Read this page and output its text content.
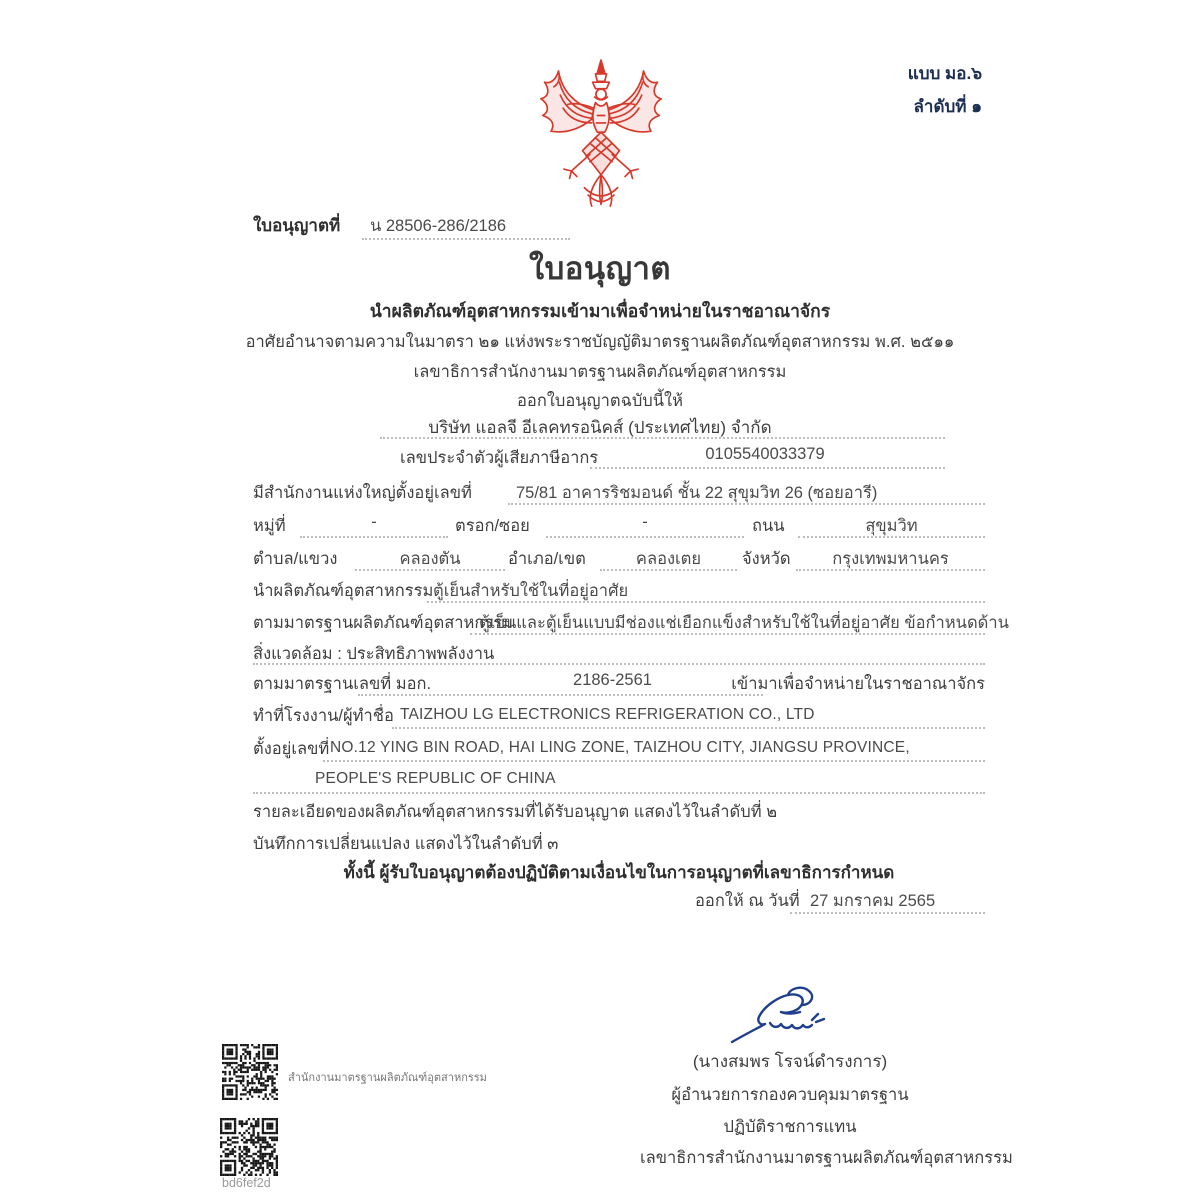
แบบ มอ.๖
ลำดับที่ ๑
ใบอนุญาตที่ น 28506-286/2186
ใบอนุญาต
นำผลิตภัณฑ์อุตสาหกรรมเข้ามาเพื่อจำหน่ายในราชอาณาจักร
อาศัยอำนาจตามความในมาตรา ๒๑ แห่งพระราชบัญญัติมาตรฐานผลิตภัณฑ์อุตสาหกรรม พ.ศ. ๒๕๑๑
เลขาธิการสำนักงานมาตรฐานผลิตภัณฑ์อุตสาหกรรม
ออกใบอนุญาตฉบับนี้ให้
บริษัท แอลจี อีเลคทรอนิคส์ (ประเทศไทย) จำกัด
เลขประจำตัวผู้เสียภาษีอากร	0105540033379
มีสำนักงานแห่งใหญ่ตั้งอยู่เลขที่	75/81 อาคารริชมอนด์ ชั้น 22 สุขุมวิท 26 (ซอยอารี)
หมู่ที่	-	ตรอก/ซอย	-	ถนน	สุขุมวิท
ตำบล/แขวง	คลองตัน	อำเภอ/เขต	คลองเตย	จังหวัด	กรุงเทพมหานคร
นำผลิตภัณฑ์อุตสาหกรรม ตู้เย็นสำหรับใช้ในที่อยู่อาศัย
ตามมาตรฐานผลิตภัณฑ์อุตสาหกรรม
ตู้เย็นและตู้เย็นแบบมีช่องแช่เยือกแข็งสำหรับใช้ในที่อยู่อาศัย ข้อกำหนดด้าน
สิ่งแวดล้อม : ประสิทธิภาพพลังงาน
ตามมาตรฐานเลขที่ มอก.	2186-2561	เข้ามาเพื่อจำหน่ายในราชอาณาจักร
ทำที่โรงงาน/ผู้ทำชื่อ TAIZHOU LG ELECTRONICS REFRIGERATION CO., LTD
ตั้งอยู่เลขที่ NO.12 YING BIN ROAD, HAI LING ZONE, TAIZHOU CITY, JIANGSU PROVINCE,
PEOPLE'S REPUBLIC OF CHINA
รายละเอียดของผลิตภัณฑ์อุตสาหกรรมที่ได้รับอนุญาต แสดงไว้ในลำดับที่ ๒
บันทึกการเปลี่ยนแปลง แสดงไว้ในลำดับที่ ๓
ทั้งนี้ ผู้รับใบอนุญาตต้องปฏิบัติตามเงื่อนไขในการอนุญาตที่เลขาธิการกำหนด
ออกให้ ณ วันที่ 27 มกราคม 2565
(นางสมพร โรจน์ดำรงการ)
ผู้อำนวยการกองควบคุมมาตรฐาน
ปฏิบัติราชการแทน
เลขาธิการสำนักงานมาตรฐานผลิตภัณฑ์อุตสาหกรรม
สำนักงานมาตรฐานผลิตภัณฑ์อุตสาหกรรม
bd6fef2d
